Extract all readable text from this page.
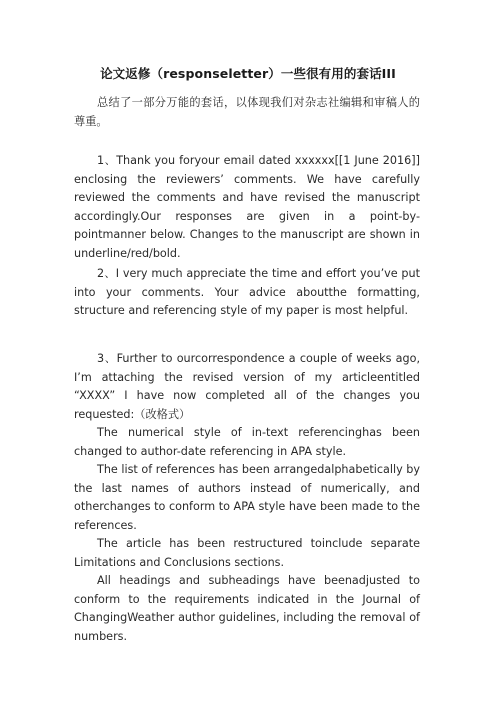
论文返修（responseletter）一些很有用的套话III
总结了一部分万能的套话，以体现我们对杂志社编辑和审稿人的尊重。
1、Thank you foryour email dated xxxxxx[[1 June 2016]] enclosing the reviewers’ comments. We have carefully reviewed the comments and have revised the manuscript accordingly.Our responses are given in a point-by-pointmanner below. Changes to the manuscript are shown in underline/red/bold.
2、I very much appreciate the time and effort you’ve put into your comments. Your advice aboutthe formatting, structure and referencing style of my paper is most helpful.
3、Further to ourcorrespondence a couple of weeks ago, I’m attaching the revised version of my articleentitled “XXXX” I have now completed all of the changes you requested:（改格式）
The numerical style of in-text referencinghas been changed to author-date referencing in APA style.
The list of references has been arrangedalphabetically by the last names of authors instead of numerically, and otherchanges to conform to APA style have been made to the references.
The article has been restructured toinclude separate Limitations and Conclusions sections.
All headings and subheadings have beenadjusted to conform to the requirements indicated in the Journal of ChangingWeather author guidelines, including the removal of numbers.
